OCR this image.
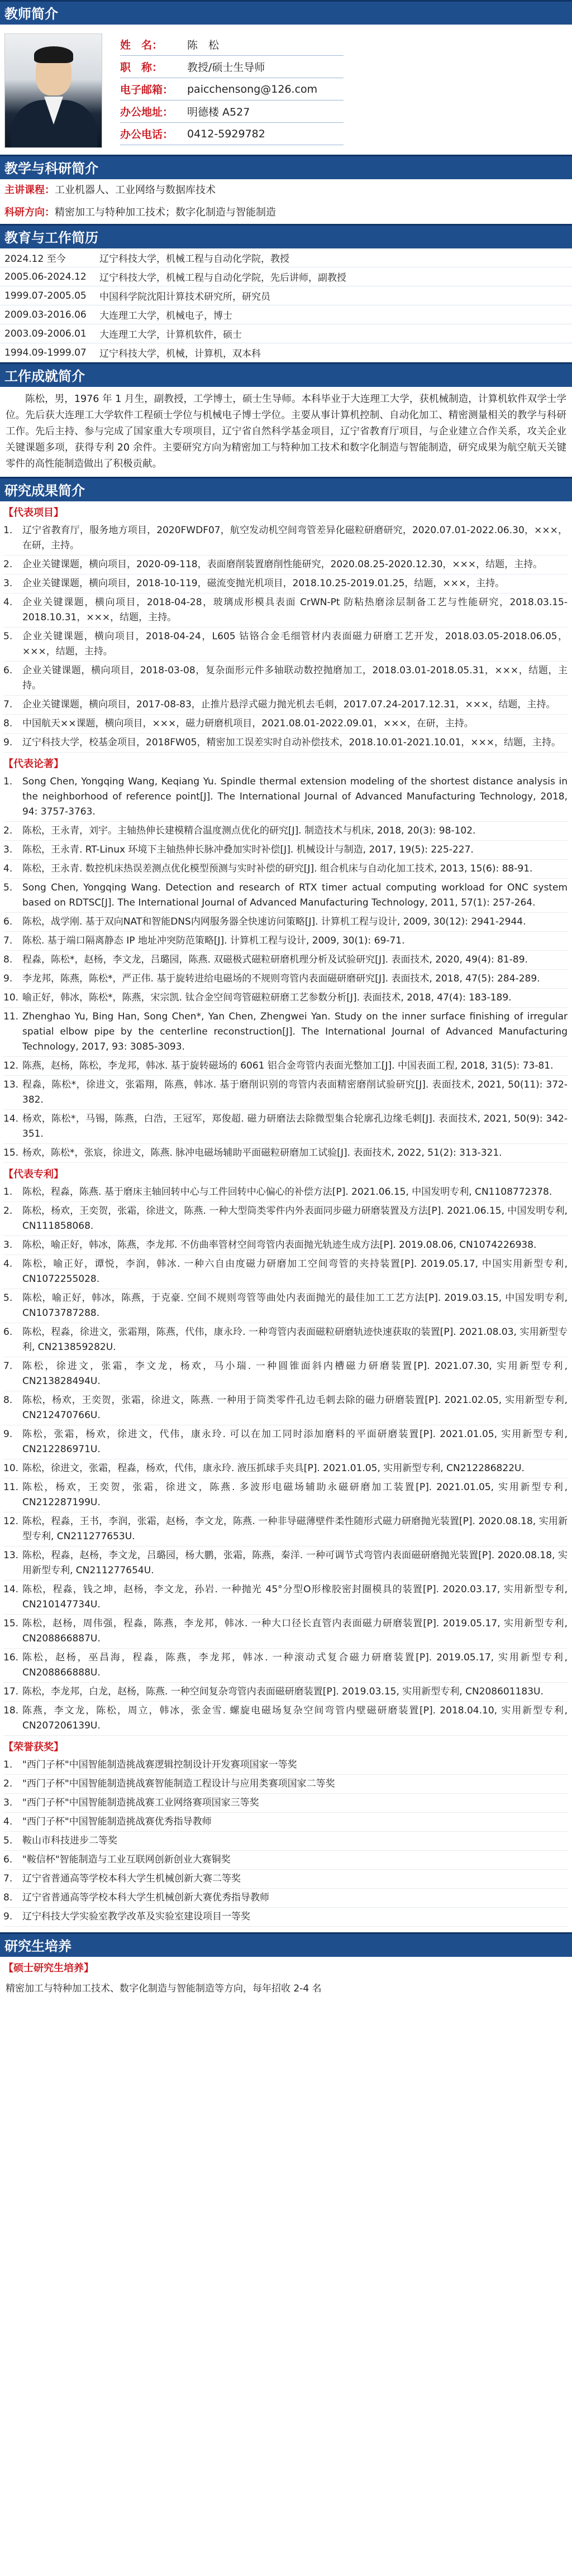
教师简介
姓　名：	陈　松
职　称：	教授/硕士生导师
电子邮箱：	paicchensong@126.com
办公地址：	明德楼 A527
办公电话：	0412-5929782
教学与科研简介
主讲课程：工业机器人、工业网络与数据库技术
科研方向：精密加工与特种加工技术；数字化制造与智能制造
教育与工作简历
2024.12 至今	辽宁科技大学，机械工程与自动化学院，教授
2005.06-2024.12	辽宁科技大学，机械工程与自动化学院，先后讲师，副教授
1999.07-2005.05	中国科学院沈阳计算技术研究所，研究员
2009.03-2016.06	大连理工大学，机械电子，博士
2003.09-2006.01	大连理工大学，计算机软件，硕士
1994.09-1999.07	辽宁科技大学，机械，计算机，双本科
工作成就简介
陈松，男，1976 年 1 月生，副教授，工学博士，硕士生导师。本科毕业于大连理工大学，获机械制造，计算机软件双学士学位。先后获大连理工大学软件工程硕士学位与机械电子博士学位。主要从事计算机控制、自动化加工、精密测量相关的教学与科研工作。先后主持、参与完成了国家重大专项项目，辽宁省自然科学基金项目，辽宁省教育厅项目，与企业建立合作关系，攻关企业关键课题多项，获得专利 20 余件。主要研究方向为精密加工与特种加工技术和数字化制造与智能制造，研究成果为航空航天关键零件的高性能制造做出了积极贡献。
研究成果简介
【代表项目】
1.	辽宁省教育厅，服务地方项目，2020FWDF07，航空发动机空间弯管差异化磁粒研磨研究，2020.07.01-2022.06.30，×××，在研，主持。
2.	企业关键课题，横向项目，2020-09-118，表面磨削装置磨削性能研究，2020.08.25-2020.12.30，×××，结题，主持。
3.	企业关键课题，横向项目，2018-10-119，磁流变抛光机项目，2018.10.25-2019.01.25，结题，×××，主持。
4.	企业关键课题，横向项目，2018-04-28，玻璃成形模具表面 CrWN-Pt 防粘热磨涂层制备工艺与性能研究，2018.03.15-2018.10.31，×××，结题，主持。
5.	企业关键课题，横向项目，2018-04-24，L605 钴铬合金毛细管材内表面磁力研磨工艺开发，2018.03.05-2018.06.05，×××，结题，主持。
6.	企业关键课题，横向项目，2018-03-08，复杂面形元件多轴联动数控抛磨加工，2018.03.01-2018.05.31，×××，结题，主持。
7.	企业关键课题，横向项目，2017-08-83，止推片悬浮式磁力抛光机去毛刺，2017.07.24-2017.12.31，×××，结题，主持。
8.	中国航天××课题，横向项目，×××，磁力研磨机项目，2021.08.01-2022.09.01，×××，在研，主持。
9.	辽宁科技大学，校基金项目，2018FW05，精密加工误差实时自动补偿技术，2018.10.01-2021.10.01，×××，结题，主持。
【代表论著】
1.	Song Chen, Yongqing Wang, Keqiang Yu. Spindle thermal extension modeling of the shortest distance analysis in the neighborhood of reference point[J]. The International Journal of Advanced Manufacturing Technology, 2018, 94: 3757-3763.
2.	陈松，王永青，刘宇。主轴热伸长建模精合温度测点优化的研究[J]. 制造技术与机床, 2018, 20(3): 98-102.
3.	陈松，王永青. RT-Linux 环境下主轴热伸长脉冲叠加实时补偿[J]. 机械设计与制造, 2017, 19(5): 225-227.
4.	陈松，王永青. 数控机床热误差测点优化模型预测与实时补偿的研究[J]. 组合机床与自动化加工技术, 2013, 15(6): 88-91.
5.	Song Chen, Yongqing Wang. Detection and research of RTX timer actual computing workload for ONC system based on RDTSC[J]. The International Journal of Advanced Manufacturing Technology, 2011, 57(1): 257-264.
6.	陈松，战学刚. 基于双向NAT和智能DNS内网服务器全快速访问策略[J]. 计算机工程与设计, 2009, 30(12): 2941-2944.
7.	陈松. 基于端口隔离静态 IP 地址冲突防范策略[J]. 计算机工程与设计, 2009, 30(1): 69-71.
8.	程淼，陈松*，赵杨，李文龙，吕璐园，陈燕. 双磁极式磁粒研磨机理分析及试验研究[J]. 表面技术, 2020, 49(4): 81-89.
9.	李龙邦，陈燕，陈松*，严正伟. 基于旋转进给电磁场的不规则弯管内表面磁研磨研究[J]. 表面技术, 2018, 47(5): 284-289.
10. 喻正好，韩冰，陈松*，陈燕，宋宗凯. 钛合金空间弯管磁粒研磨工艺参数分析[J]. 表面技术, 2018, 47(4): 183-189.
11. Zhenghao Yu, Bing Han, Song Chen*, Yan Chen, Zhengwei Yan. Study on the inner surface finishing of irregular spatial elbow pipe by the centerline reconstruction[J]. The International Journal of Advanced Manufacturing Technology, 2017, 93: 3085-3093.
12. 陈燕，赵杨，陈松，李龙邦，韩冰. 基于旋转磁场的 6061 铝合金弯管内表面光整加工[J]. 中国表面工程, 2018, 31(5): 73-81.
13. 程淼，陈松*，徐进文，张霜翔，陈燕，韩冰. 基于磨削识别的弯管内表面精密磨削试验研究[J]. 表面技术, 2021, 50(11): 372-382.
14. 杨欢，陈松*，马锡，陈燕，白浩，王冠军，郑俊超. 磁力研磨法去除微型集合轮廓孔边缘毛刺[J]. 表面技术, 2021, 50(9): 342-351.
15. 杨欢，陈松*，张宸，徐进文，陈燕. 脉冲电磁场辅助平面磁粒研磨加工试验[J]. 表面技术, 2022, 51(2): 313-321.
【代表专利】
1.	陈松，程淼，陈燕. 基于磨床主轴回转中心与工件回转中心偏心的补偿方法[P]. 2021.06.15, 中国发明专利, CN1108772378.
2.	陈松，杨欢，王奕贺，张霜，徐进文，陈燕. 一种大型筒类零件内外表面同步磁力研磨装置及方法[P]. 2021.06.15, 中国发明专利, CN111858068.
3.	陈松，喻正好，韩冰，陈燕，李龙邦. 不仿曲率管材空间弯管内表面抛光轨迹生成方法[P]. 2019.08.06, CN1074226938.
4.	陈松，喻正好，谭悦，李润，韩冰. 一种六自由度磁力研磨加工空间弯管的夹持装置[P]. 2019.05.17, 中国实用新型专利, CN1072255028.
5.	陈松，喻正好，韩冰，陈燕，于克豪. 空间不规则弯管等曲处内表面抛光的最佳加工工艺方法[P]. 2019.03.15, 中国发明专利, CN1073787288.
6.	陈松，程淼，徐进文，张霜翔，陈燕，代伟，康永玲. 一种弯管内表面磁粒研磨轨迹快速获取的装置[P]. 2021.08.03, 实用新型专利, CN213859282U.
7.	陈松，徐进文，张霜，李文龙，杨欢，马小瑞. 一种圆锥面斜内槽磁力研磨装置[P]. 2021.07.30, 实用新型专利, CN213828494U.
8.	陈松，杨欢，王奕贺，张霜，徐进文，陈燕. 一种用于筒类零件孔边毛刺去除的磁力研磨装置[P]. 2021.02.05, 实用新型专利, CN212470766U.
9.	陈松，张霜，杨欢，徐进文，代伟，康永玲. 可以在加工同时添加磨料的平面研磨装置[P]. 2021.01.05, 实用新型专利, CN212286971U.
10. 陈松，徐进文，张霜，程淼，杨欢，代伟，康永玲. 液压抓球手夹具[P]. 2021.01.05, 实用新型专利, CN212286822U.
11. 陈松，杨欢，王奕贺，张霜，徐进文，陈燕. 多波形电磁场辅助永磁研磨加工装置[P]. 2021.01.05, 实用新型专利, CN212287199U.
12. 陈松，程淼，王书，李润，张霜，赵杨，李文龙，陈燕. 一种非导磁薄壁件柔性随形式磁力研磨抛光装置[P]. 2020.08.18, 实用新型专利, CN211277653U.
13. 陈松，程淼，赵杨，李文龙，吕璐园，杨大鹏，张霜，陈燕，秦洋. 一种可调节式弯管内表面磁研磨抛光装置[P]. 2020.08.18, 实用新型专利, CN211277654U.
14. 陈松，程淼，钱之坤，赵杨，李文龙，孙岩. 一种抛光 45°分型O形橡胶密封圈模具的装置[P]. 2020.03.17, 实用新型专利, CN210147734U.
15. 陈松，赵杨，周伟强，程淼，陈燕，李龙邦，韩冰. 一种大口径长直管内表面磁力研磨装置[P]. 2019.05.17, 实用新型专利, CN208866887U.
16. 陈松，赵杨，巫昌海，程淼，陈燕，李龙邦，韩冰. 一种滚动式复合磁力研磨装置[P]. 2019.05.17, 实用新型专利, CN208866888U.
17. 陈松，李龙邦，白龙，赵杨，陈燕. 一种空间复杂弯管内表面磁研磨装置[P]. 2019.03.15, 实用新型专利, CN208601183U.
18. 陈燕，李文龙，陈松，周立，韩冰，张金雪. 螺旋电磁场复杂空间弯管内壁磁研磨装置[P]. 2018.04.10, 实用新型专利, CN207206139U.
【荣誉获奖】
1.	"西门子杯"中国智能制造挑战赛逻辑控制设计开发赛项国家一等奖
2.	"西门子杯"中国智能制造挑战赛智能制造工程设计与应用类赛项国家二等奖
3.	"西门子杯"中国智能制造挑战赛工业网络赛项国家三等奖
4.	"西门子杯"中国智能制造挑战赛优秀指导教师
5.	鞍山市科技进步二等奖
6.	"鞍信杯"智能制造与工业互联网创新创业大赛铜奖
7.	辽宁省普通高等学校本科大学生机械创新大赛二等奖
8.	辽宁省普通高等学校本科大学生机械创新大赛优秀指导教师
9.	辽宁科技大学实验室教学改革及实验室建设项目一等奖
研究生培养
【硕士研究生培养】
精密加工与特种加工技术、数字化制造与智能制造等方向，每年招收 2-4 名
